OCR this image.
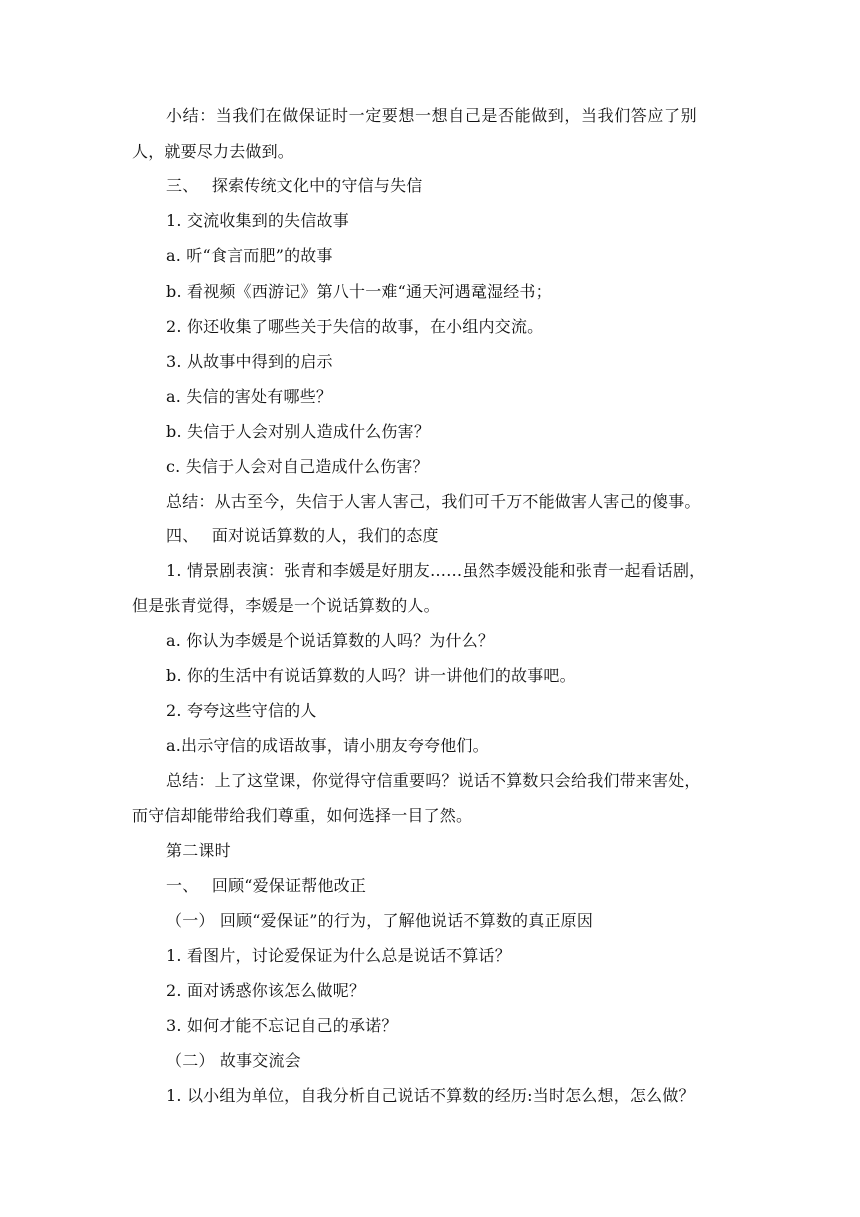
小结：当我们在做保证时一定要想一想自己是否能做到，当我们答应了别
人，就要尽力去做到。
三、　 探索传统文化中的守信与失信
1. 交流收集到的失信故事
a. 听“食言而肥”的故事
b. 看视频《西游记》第八十一难“通天河遇鼋湿经书；
2. 你还收集了哪些关于失信的故事，在小组内交流。
3. 从故事中得到的启示
a. 失信的害处有哪些？
b. 失信于人会对别人造成什么伤害？
c. 失信于人会对自己造成什么伤害？
总结：从古至今，失信于人害人害己，我们可千万不能做害人害己的傻事。
四、　 面对说话算数的人，我们的态度
1. 情景剧表演：张青和李媛是好朋友……虽然李媛没能和张青一起看话剧，
但是张青觉得，李媛是一个说话算数的人。
a. 你认为李媛是个说话算数的人吗？为什么？
b. 你的生活中有说话算数的人吗？讲一讲他们的故事吧。
2. 夸夸这些守信的人
a.出示守信的成语故事，请小朋友夸夸他们。
总结：上了这堂课，你觉得守信重要吗？说话不算数只会给我们带来害处，
而守信却能带给我们尊重，如何选择一目了然。
第二课时
一、　 回顾“爱保证帮他改正
（一） 回顾“爱保证”的行为，了解他说话不算数的真正原因
1. 看图片，讨论爱保证为什么总是说话不算话？
2. 面对诱惑你该怎么做呢？
3. 如何才能不忘记自己的承诺？
（二） 故事交流会
1. 以小组为单位，自我分析自己说话不算数的经历:当时怎么想，怎么做？
